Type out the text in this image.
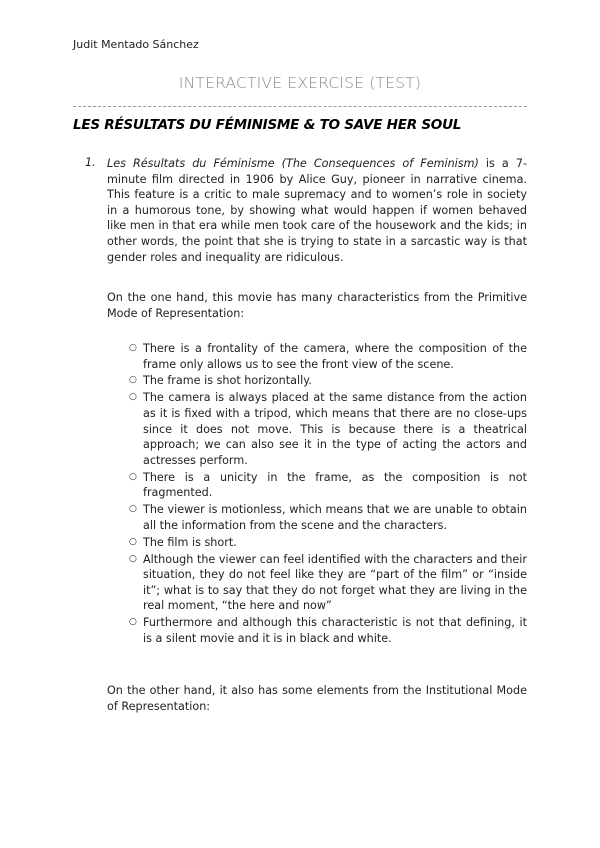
Judit Mentado Sánchez
INTERACTIVE EXERCISE (TEST)
LES RÉSULTATS DU FÉMINISME & TO SAVE HER SOUL
1. Les Résultats du Féminisme (The Consequences of Feminism) is a 7-minute film directed in 1906 by Alice Guy, pioneer in narrative cinema. This feature is a critic to male supremacy and to women’s role in society in a humorous tone, by showing what would happen if women behaved like men in that era while men took care of the housework and the kids; in other words, the point that she is trying to state in a sarcastic way is that gender roles and inequality are ridiculous.

On the one hand, this movie has many characteristics from the Primitive Mode of Representation:

○ There is a frontality of the camera, where the composition of the frame only allows us to see the front view of the scene.
○ The frame is shot horizontally.
○ The camera is always placed at the same distance from the action as it is fixed with a tripod, which means that there are no close-ups since it does not move. This is because there is a theatrical approach; we can also see it in the type of acting the actors and actresses perform.
○ There is a unicity in the frame, as the composition is not fragmented.
○ The viewer is motionless, which means that we are unable to obtain all the information from the scene and the characters.
○ The film is short.
○ Although the viewer can feel identified with the characters and their situation, they do not feel like they are “part of the film” or “inside it”; what is to say that they do not forget what they are living in the real moment, “the here and now”
○ Furthermore and although this characteristic is not that defining, it is a silent movie and it is in black and white.

On the other hand, it also has some elements from the Institutional Mode of Representation:
